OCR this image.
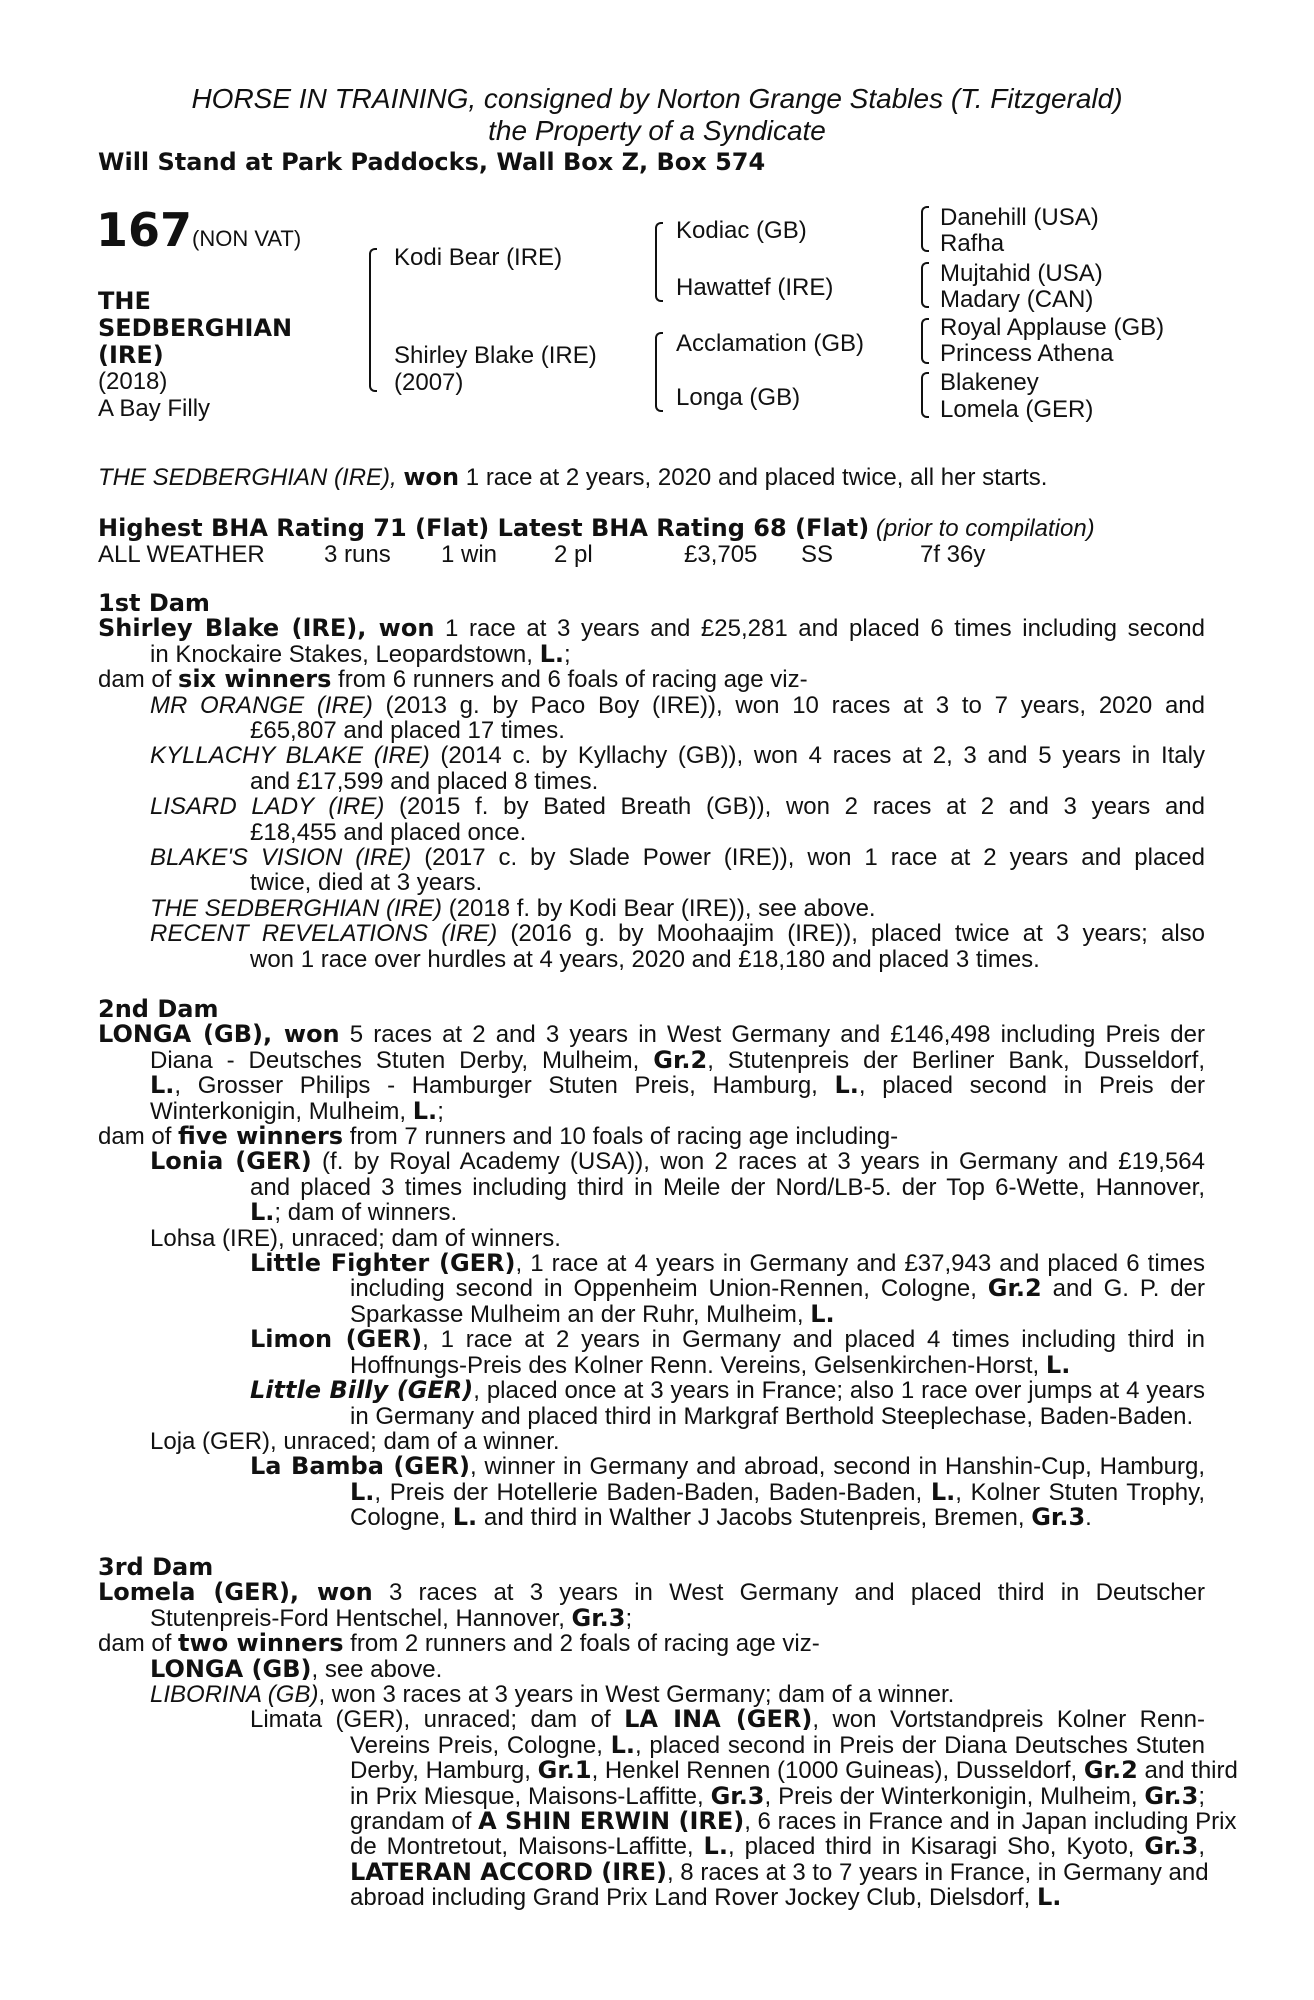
HORSE IN TRAINING, consigned by Norton Grange Stables (T. Fitzgerald)
the Property of a Syndicate
Will Stand at Park Paddocks, Wall Box Z, Box 574
167 (NON VAT)
THE
SEDBERGHIAN
(IRE)
(2018)
A Bay Filly
Kodi Bear (IRE)
Shirley Blake (IRE)
(2007)
Kodiac (GB)
Hawattef (IRE)
Acclamation (GB)
Longa (GB)
Danehill (USA)
Rafha
Mujtahid (USA)
Madary (CAN)
Royal Applause (GB)
Princess Athena
Blakeney
Lomela (GER)
THE SEDBERGHIAN (IRE), won 1 race at 2 years, 2020 and placed twice, all her starts.
Highest BHA Rating 71 (Flat) Latest BHA Rating 68 (Flat) (prior to compilation)
ALL WEATHER 3 runs 1 win 2 pl	£3,705 SS	7f 36y
1st Dam
Shirley Blake (IRE), won 1 race at 3 years and £25,281 and placed 6 times including second
in Knockaire Stakes, Leopardstown, L.;
dam of six winners from 6 runners and 6 foals of racing age viz-
MR ORANGE (IRE) (2013 g. by Paco Boy (IRE)), won 10 races at 3 to 7 years, 2020 and
£65,807 and placed 17 times.
KYLLACHY BLAKE (IRE) (2014 c. by Kyllachy (GB)), won 4 races at 2, 3 and 5 years in Italy
and £17,599 and placed 8 times.
LISARD LADY (IRE) (2015 f. by Bated Breath (GB)), won 2 races at 2 and 3 years and
£18,455 and placed once.
BLAKE'S VISION (IRE) (2017 c. by Slade Power (IRE)), won 1 race at 2 years and placed
twice, died at 3 years.
THE SEDBERGHIAN (IRE) (2018 f. by Kodi Bear (IRE)), see above.
RECENT REVELATIONS (IRE) (2016 g. by Moohaajim (IRE)), placed twice at 3 years; also
won 1 race over hurdles at 4 years, 2020 and £18,180 and placed 3 times.
2nd Dam
LONGA (GB), won 5 races at 2 and 3 years in West Germany and £146,498 including Preis der
Diana - Deutsches Stuten Derby, Mulheim, Gr.2, Stutenpreis der Berliner Bank, Dusseldorf,
L., Grosser Philips - Hamburger Stuten Preis, Hamburg, L., placed second in Preis der
Winterkonigin, Mulheim, L.;
dam of five winners from 7 runners and 10 foals of racing age including-
Lonia (GER) (f. by Royal Academy (USA)), won 2 races at 3 years in Germany and £19,564
and placed 3 times including third in Meile der Nord/LB-5. der Top 6-Wette, Hannover,
L.; dam of winners.
Lohsa (IRE), unraced; dam of winners.
Little Fighter (GER), 1 race at 4 years in Germany and £37,943 and placed 6 times
including second in Oppenheim Union-Rennen, Cologne, Gr.2 and G. P. der
Sparkasse Mulheim an der Ruhr, Mulheim, L.
Limon (GER), 1 race at 2 years in Germany and placed 4 times including third in
Hoffnungs-Preis des Kolner Renn. Vereins, Gelsenkirchen-Horst, L.
Little Billy (GER), placed once at 3 years in France; also 1 race over jumps at 4 years
in Germany and placed third in Markgraf Berthold Steeplechase, Baden-Baden.
Loja (GER), unraced; dam of a winner.
La Bamba (GER), winner in Germany and abroad, second in Hanshin-Cup, Hamburg,
L., Preis der Hotellerie Baden-Baden, Baden-Baden, L., Kolner Stuten Trophy,
Cologne, L. and third in Walther J Jacobs Stutenpreis, Bremen, Gr.3.
3rd Dam
Lomela (GER), won 3 races at 3 years in West Germany and placed third in Deutscher
Stutenpreis-Ford Hentschel, Hannover, Gr.3;
dam of two winners from 2 runners and 2 foals of racing age viz-
LONGA (GB), see above.
LIBORINA (GB), won 3 races at 3 years in West Germany; dam of a winner.
Limata (GER), unraced; dam of LA INA (GER), won Vortstandpreis Kolner Renn-
Vereins Preis, Cologne, L., placed second in Preis der Diana Deutsches Stuten
Derby, Hamburg, Gr.1, Henkel Rennen (1000 Guineas), Dusseldorf, Gr.2 and third
in Prix Miesque, Maisons-Laffitte, Gr.3, Preis der Winterkonigin, Mulheim, Gr.3;
grandam of A SHIN ERWIN (IRE), 6 races in France and in Japan including Prix
de Montretout, Maisons-Laffitte, L., placed third in Kisaragi Sho, Kyoto, Gr.3,
LATERAN ACCORD (IRE), 8 races at 3 to 7 years in France, in Germany and
abroad including Grand Prix Land Rover Jockey Club, Dielsdorf, L.
